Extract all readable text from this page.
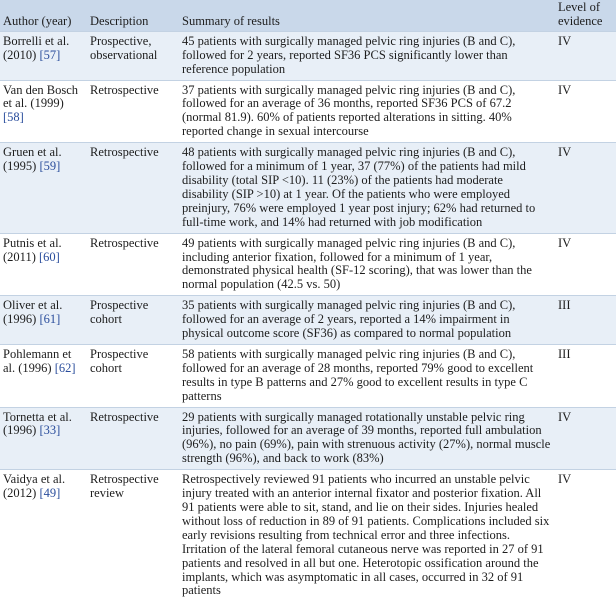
Author (year)	Description	Summary of results	Level of evidence
Borrelli et al. (2010) [57]	Prospective, observational	45 patients with surgically managed pelvic ring injuries (B and C), followed for 2 years, reported SF36 PCS significantly lower than reference population	IV
Van den Bosch et al. (1999) [58]	Retrospective	37 patients with surgically managed pelvic ring injuries (B and C), followed for an average of 36 months, reported SF36 PCS of 67.2 (normal 81.9). 60% of patients reported alterations in sitting. 40% reported change in sexual intercourse	IV
Gruen et al. (1995) [59]	Retrospective	48 patients with surgically managed pelvic ring injuries (B and C), followed for a minimum of 1 year, 37 (77%) of the patients had mild disability (total SIP <10). 11 (23%) of the patients had moderate disability (SIP >10) at 1 year. Of the patients who were employed preinjury, 76% were employed 1 year post injury; 62% had returned to full-time work, and 14% had returned with job modification	IV
Putnis et al. (2011) [60]	Retrospective	49 patients with surgically managed pelvic ring injuries (B and C), including anterior fixation, followed for a minimum of 1 year, demonstrated physical health (SF-12 scoring), that was lower than the normal population (42.5 vs. 50)	IV
Oliver et al. (1996) [61]	Prospective cohort	35 patients with surgically managed pelvic ring injuries (B and C), followed for an average of 2 years, reported a 14% impairment in physical outcome score (SF36) as compared to normal population	III
Pohlemann et al. (1996) [62]	Prospective cohort	58 patients with surgically managed pelvic ring injuries (B and C), followed for an average of 28 months, reported 79% good to excellent results in type B patterns and 27% good to excellent results in type C patterns	III
Tornetta et al. (1996) [33]	Retrospective	29 patients with surgically managed rotationally unstable pelvic ring injuries, followed for an average of 39 months, reported full ambulation (96%), no pain (69%), pain with strenuous activity (27%), normal muscle strength (96%), and back to work (83%)	IV
Vaidya et al. (2012) [49]	Retrospective review	Retrospectively reviewed 91 patients who incurred an unstable pelvic injury treated with an anterior internal fixator and posterior fixation. All 91 patients were able to sit, stand, and lie on their sides. Injuries healed without loss of reduction in 89 of 91 patients. Complications included six early revisions resulting from technical error and three infections. Irritation of the lateral femoral cutaneous nerve was reported in 27 of 91 patients and resolved in all but one. Heterotopic ossification around the implants, which was asymptomatic in all cases, occurred in 32 of 91 patients	IV
